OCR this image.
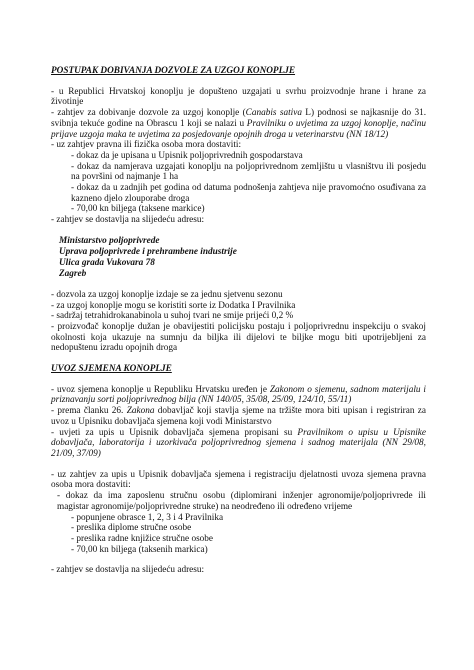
POSTUPAK DOBIVANJA DOZVOLE ZA UZGOJ KONOPLJE

- u Republici Hrvatskoj konoplju je dopušteno uzgajati u svrhu proizvodnje hrane i hrane za životinje

- zahtjev za dobivanje dozvole za uzgoj konoplje (Canabis sativa L) podnosi se najkasnije do 31. svibnja tekuće godine na Obrascu 1 koji se nalazi u Pravilniku o uvjetima za uzgoj konoplje, načinu prijave uzgoja maka te uvjetima za posjedovanje opojnih droga u veterinarstvu (NN 18/12)

- uz zahtjev pravna ili fizička osoba mora dostaviti:

- dokaz da je upisana u Upisnik poljoprivrednih gospodarstava

- dokaz da namjerava uzgajati konoplju na poljoprivrednom zemljištu u vlasništvu ili posjedu na površini od najmanje 1 ha

- dokaz da u zadnjih pet godina od datuma podnošenja zahtjeva nije pravomoćno osuđivana za kazneno djelo zlouporabe droga

- 70,00 kn biljega (taksene markice)

- zahtjev se dostavlja na slijedeću adresu:

Ministarstvo poljoprivrede

Uprava poljoprivrede i prehrambene industrije

Ulica grada Vukovara 78

Zagreb

- dozvola za uzgoj konoplje izdaje se za jednu sjetvenu sezonu

- za uzgoj konoplje mogu se koristiti sorte iz Dodatka I Pravilnika

- sadržaj tetrahidrokanabinola u suhoj tvari ne smije prijeći 0,2 %

- proizvođač konoplje dužan je obavijestiti policijsku postaju i poljoprivrednu inspekciju o svakoj okolnosti koja ukazuje na sumnju da biljka ili dijelovi te biljke mogu biti upotrijebljeni za nedopuštenu izradu opojnih droga

UVOZ SJEMENA KONOPLJE

- uvoz sjemena konoplje u Republiku Hrvatsku uređen je Zakonom o sjemenu, sadnom materijalu i priznavanju sorti poljoprivrednog bilja (NN 140/05, 35/08, 25/09, 124/10, 55/11)

- prema članku 26. Zakona dobavljač koji stavlja sjeme na tržište mora biti upisan i registriran za uvoz u Upisniku dobavljača sjemena koji vodi Ministarstvo

- uvjeti za upis u Upisnik dobavljača sjemena propisani su Pravilnikom o upisu u Upisnike dobavljača, laboratorija i uzorkivača poljoprivrednog sjemena i sadnog materijala (NN 29/08, 21/09, 37/09)

- uz zahtjev za upis u Upisnik dobavljača sjemena i registraciju djelatnosti uvoza sjemena pravna osoba mora dostaviti:

- dokaz da ima zaposlenu stručnu osobu (diplomirani inženjer agronomije/poljoprivrede ili magistar agronomije/poljoprivredne struke) na neodređeno ili određeno vrijeme

- popunjene obrasce 1, 2, 3 i 4 Pravilnika

- preslika diplome stručne osobe

- preslika radne knjižice stručne osobe

- 70,00 kn biljega (taksenih markica)

- zahtjev se dostavlja na slijedeću adresu:
